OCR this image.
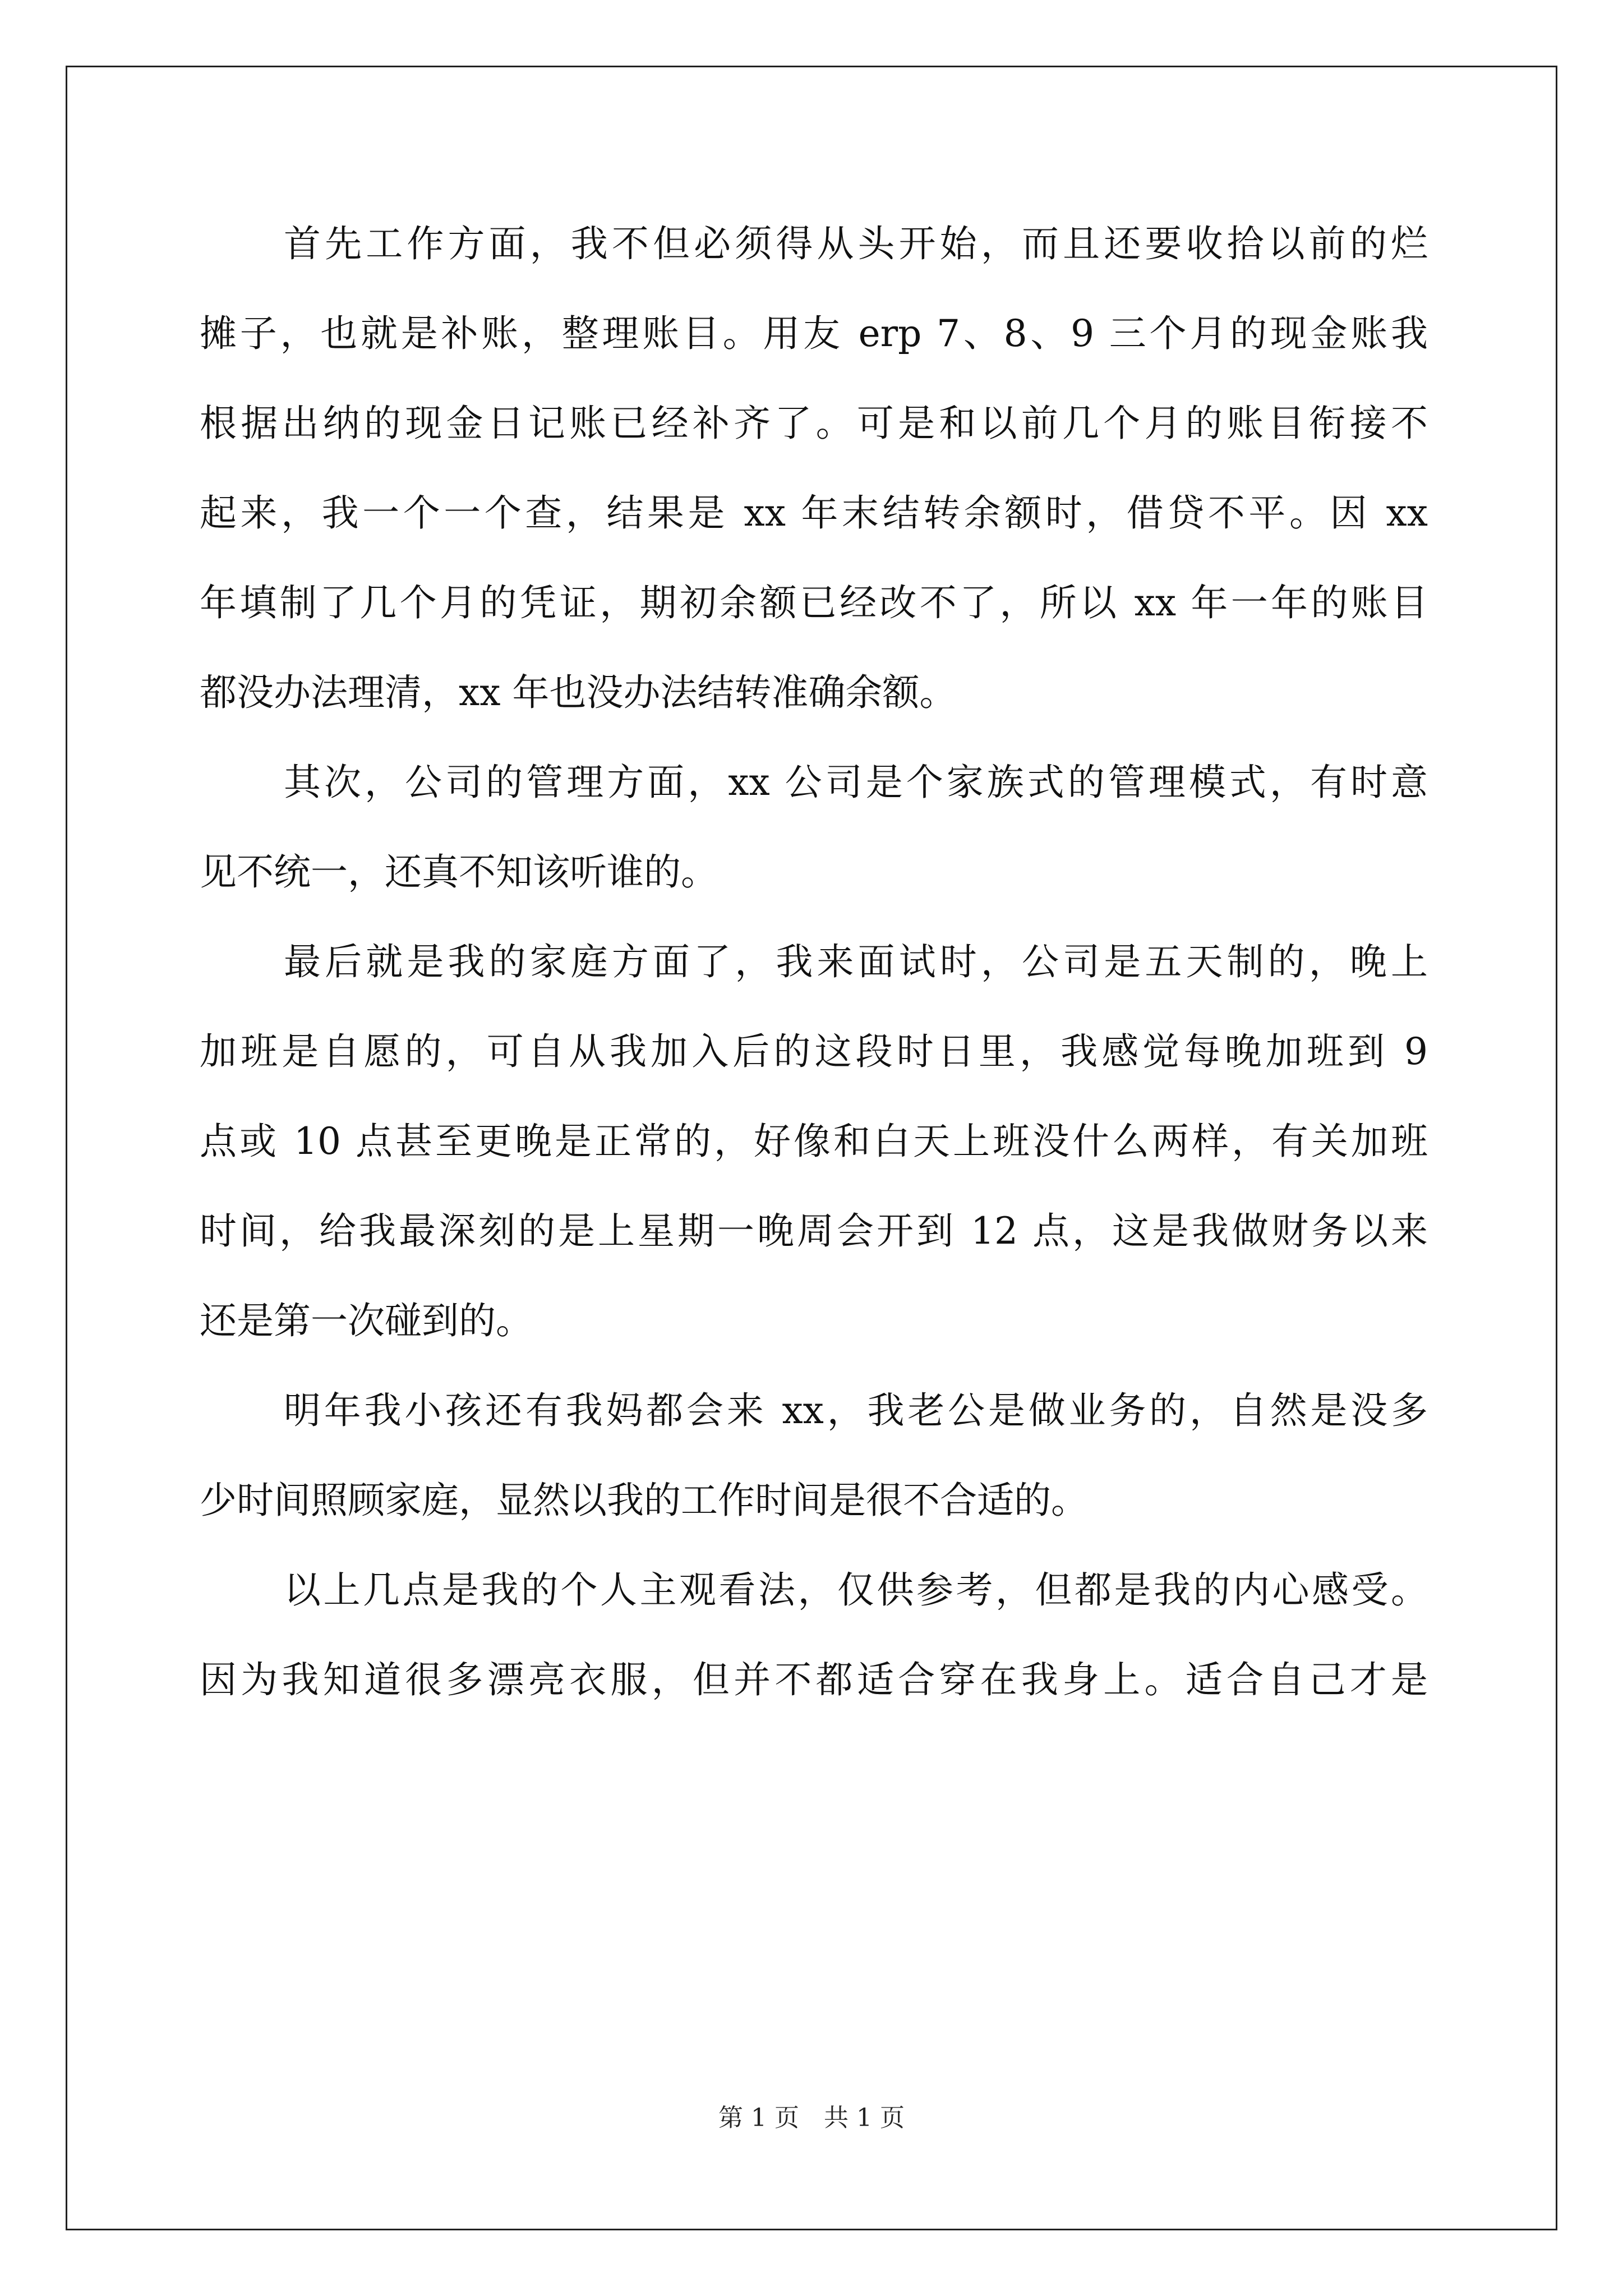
首先工作方面，我不但必须得从头开始，而且还要收拾以前的烂
摊子，也就是补账，整理账目。用友 erp 7、8、9 三个月的现金账我
根据出纳的现金日记账已经补齐了。可是和以前几个月的账目衔接不
起来，我一个一个查，结果是 xx 年末结转余额时，借贷不平。因 xx
年填制了几个月的凭证，期初余额已经改不了，所以 xx 年一年的账目
都没办法理清，xx 年也没办法结转准确余额。
其次，公司的管理方面，xx 公司是个家族式的管理模式，有时意
见不统一，还真不知该听谁的。
最后就是我的家庭方面了，我来面试时，公司是五天制的，晚上
加班是自愿的，可自从我加入后的这段时日里，我感觉每晚加班到 9
点或 10 点甚至更晚是正常的，好像和白天上班没什么两样，有关加班
时间，给我最深刻的是上星期一晚周会开到 12 点，这是我做财务以来
还是第一次碰到的。
明年我小孩还有我妈都会来 xx，我老公是做业务的，自然是没多
少时间照顾家庭，显然以我的工作时间是很不合适的。
以上几点是我的个人主观看法，仅供参考，但都是我的内心感受。
因为我知道很多漂亮衣服，但并不都适合穿在我身上。适合自己才是
第 1 页 共 1 页
